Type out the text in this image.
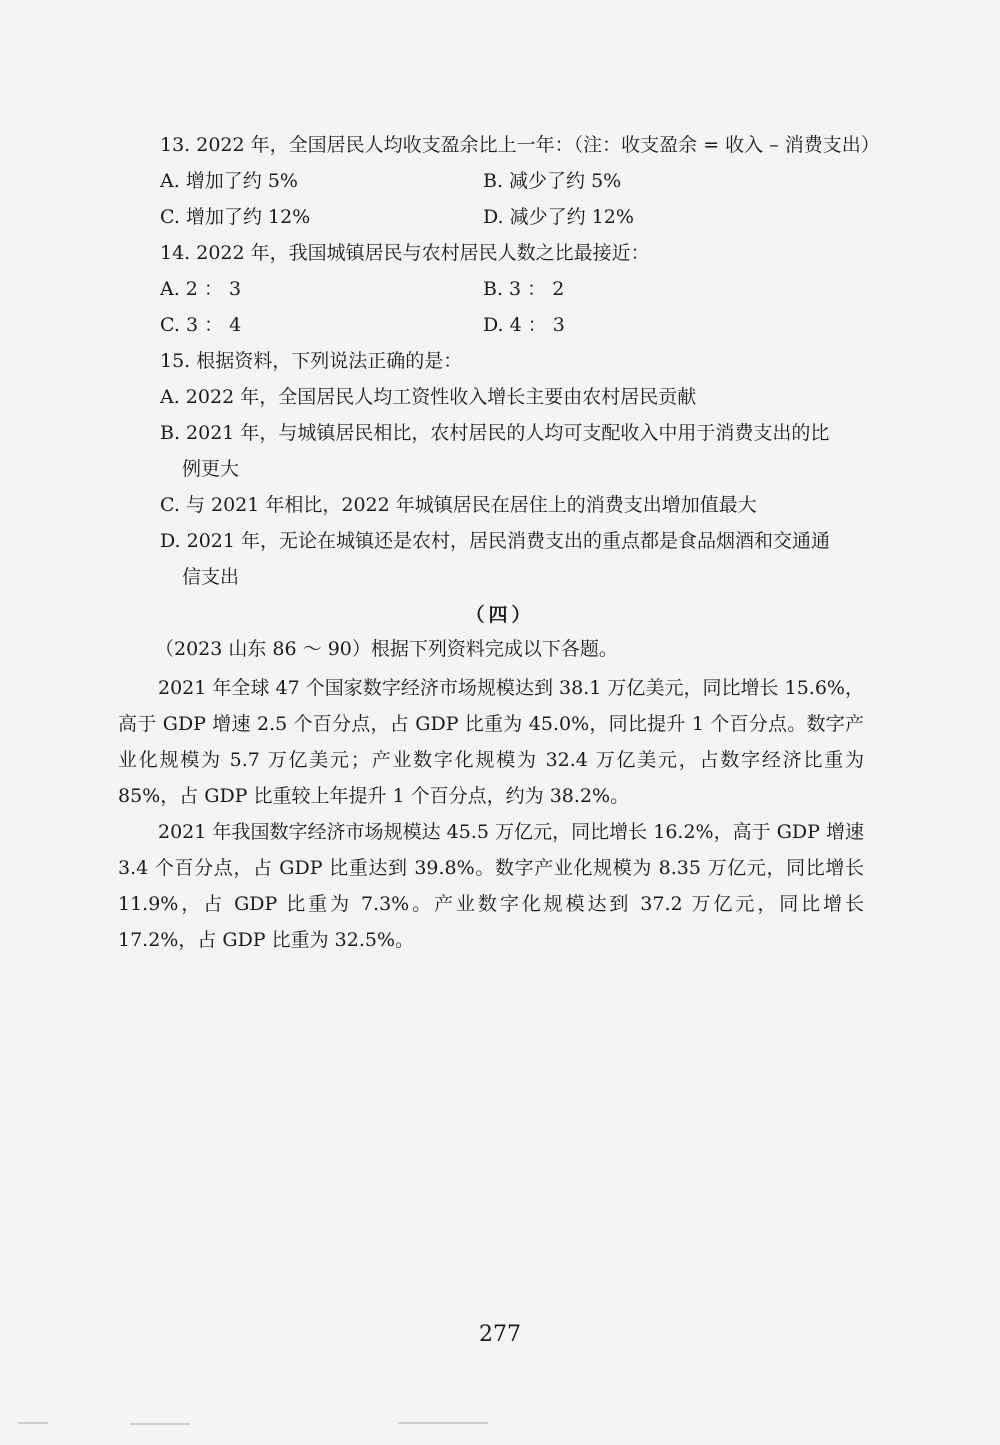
13. 2022 年，全国居民人均收支盈余比上一年：（注：收支盈余 = 收入 – 消费支出）
A. 增加了约 5%	B. 减少了约 5%
C. 增加了约 12%	D. 减少了约 12%
14. 2022 年，我国城镇居民与农村居民人数之比最接近：
A. 2 ： 3	B. 3 ： 2
C. 3 ： 4	D. 4 ： 3
15. 根据资料，下列说法正确的是：
A. 2022 年，全国居民人均工资性收入增长主要由农村居民贡献
B. 2021 年，与城镇居民相比，农村居民的人均可支配收入中用于消费支出的比
例更大
C. 与 2021 年相比，2022 年城镇居民在居住上的消费支出增加值最大
D. 2021 年，无论在城镇还是农村，居民消费支出的重点都是食品烟酒和交通通
信支出
（四）
（2023 山东 86 ～ 90）根据下列资料完成以下各题。
2021 年全球 47 个国家数字经济市场规模达到 38.1 万亿美元，同比增长 15.6%，高于 GDP 增速 2.5 个百分点，占 GDP 比重为 45.0%，同比提升 1 个百分点。数字产业化规模为 5.7 万亿美元；产业数字化规模为 32.4 万亿美元，占数字经济比重为 85%，占 GDP 比重较上年提升 1 个百分点，约为 38.2%。
2021 年我国数字经济市场规模达 45.5 万亿元，同比增长 16.2%，高于 GDP 增速 3.4 个百分点，占 GDP 比重达到 39.8%。数字产业化规模为 8.35 万亿元，同比增长 11.9%，占 GDP 比重为 7.3%。产业数字化规模达到 37.2 万亿元，同比增长 17.2%，占 GDP 比重为 32.5%。
277
